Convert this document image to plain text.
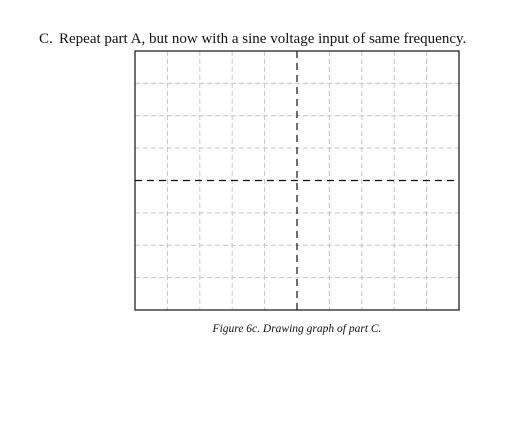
C. Repeat part A, but now with a sine voltage input of same frequency.
Figure 6c. Drawing graph of part C.
